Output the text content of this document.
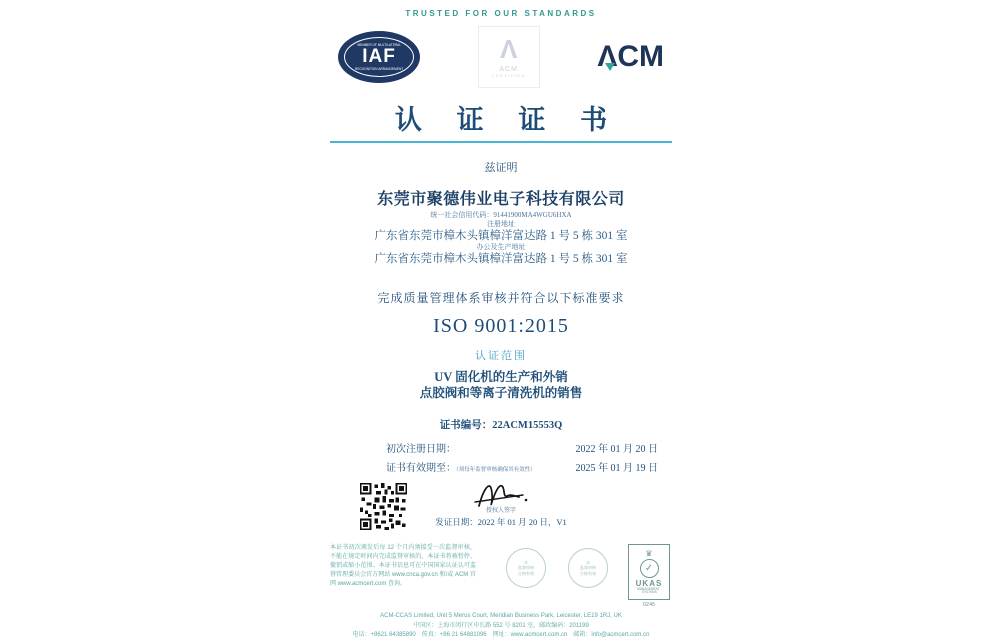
TRUSTED FOR OUR STANDARDS
MEMBER OF MULTILATERAL
IAF
RECOGNITION ARRANGEMENT
Λ
ACM
CERTIFIED
ΛCM
认 证 证 书
兹证明
东莞市聚德伟业电子科技有限公司
统一社会信用代码：91441900MA4WGU6HXA
注册地址
广东省东莞市樟木头镇樟洋富达路 1 号 5 栋 301 室
办公及生产地址
广东省东莞市樟木头镇樟洋富达路 1 号 5 栋 301 室
完成质量管理体系审核并符合以下标准要求
ISO 9001:2015
认证范围
UV 固化机的生产和外销
点胶阀和等离子清洗机的销售
证书编号：22ACM15553Q
初次注册日期：	2022 年 01 月 20 日
证书有效期至：（须每年监督审核确保其有效性）	2025 年 01 月 19 日
授权人签字
发证日期：2022 年 01 月 20 日，V1
本证书初次颁发后每 12 个月内须接受一次监督审核，不能在规定时间内完成监督审核的，本证书将被暂停、撤销或缩小范围。本证书信息可在中国国家认证认可监督管理委员会官方网站 www.cnca.gov.cn 和/或 ACM 官网 www.acmcert.com 查询。
①
监督审核
合格有效
②
监督审核
合格有效
♛
✓
UKAS
MANAGEMENT
SYSTEMS
0245
ACM-CCAS Limited, Unit 5 Merus Court, Meridian Business Park, Leicester, LE19 1RJ, UK
中国区：上海市闵行区申长路 552 号 8201 室，邮政编码：201199
电话：+8621 64385890　传真：+86 21 64881096　网址：www.acmcert.com.cn　邮箱：info@acmcert.com.cn
